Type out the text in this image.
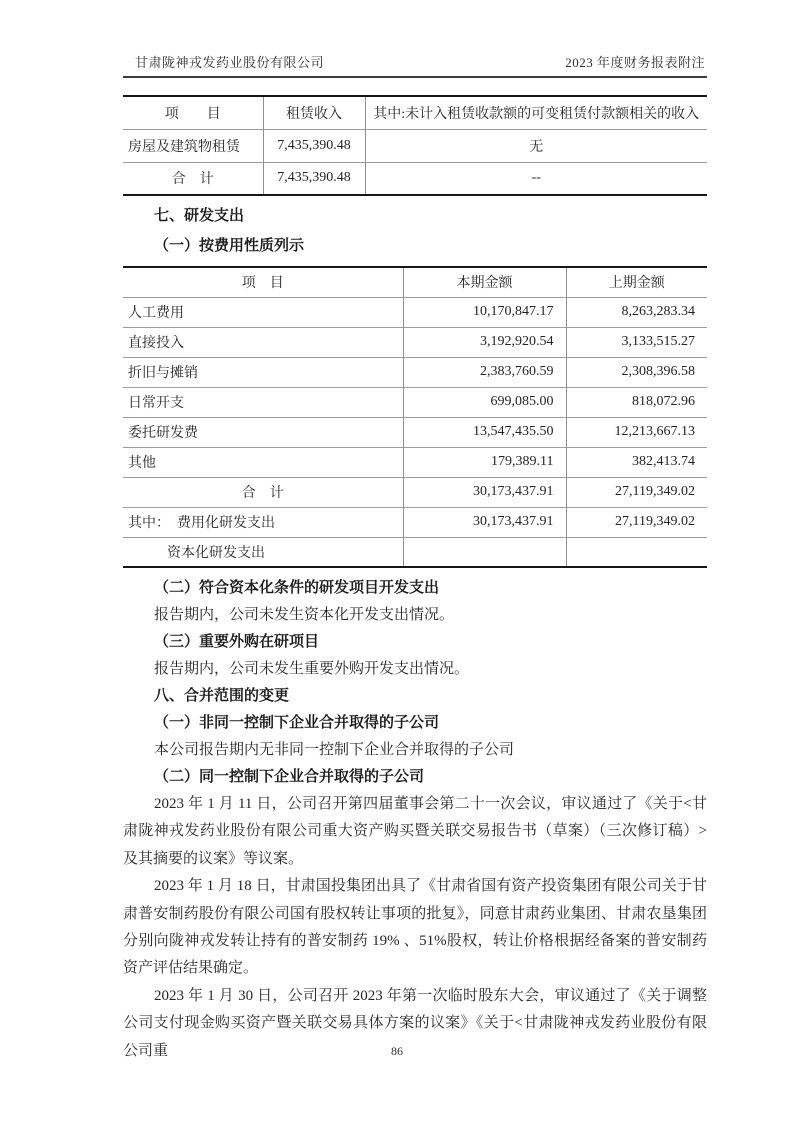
甘肃陇神戎发药业股份有限公司	2023 年度财务报表附注
项　　目	租赁收入	其中:未计入租赁收款额的可变租赁付款额相关的收入
房屋及建筑物租赁	7,435,390.48	无
合　计	7,435,390.48	--
七、研发支出
（一）按费用性质列示
项　目	本期金额	上期金额
人工费用	10,170,847.17	8,263,283.34
直接投入	3,192,920.54	3,133,515.27
折旧与摊销	2,383,760.59	2,308,396.58
日常开支	699,085.00	818,072.96
委托研发费	13,547,435.50	12,213,667.13
其他	179,389.11	382,413.74
合　计	30,173,437.91	27,119,349.02
其中：　费用化研发支出	30,173,437.91	27,119,349.02
资本化研发支出		
（二）符合资本化条件的研发项目开发支出
报告期内，公司未发生资本化开发支出情况。
（三）重要外购在研项目
报告期内，公司未发生重要外购开发支出情况。
八、合并范围的变更
（一）非同一控制下企业合并取得的子公司
本公司报告期内无非同一控制下企业合并取得的子公司
（二）同一控制下企业合并取得的子公司

2023 年 1 月 11 日，公司召开第四届董事会第二十一次会议，审议通过了《关于<甘肃陇神戎发药业股份有限公司重大资产购买暨关联交易报告书（草案）（三次修订稿）>及其摘要的议案》等议案。

2023 年 1 月 18 日，甘肃国投集团出具了《甘肃省国有资产投资集团有限公司关于甘肃普安制药股份有限公司国有股权转让事项的批复》，同意甘肃药业集团、甘肃农垦集团分别向陇神戎发转让持有的普安制药 19% 、51%股权，转让价格根据经备案的普安制药资产评估结果确定。

2023 年 1 月 30 日，公司召开 2023 年第一次临时股东大会，审议通过了《关于调整公司支付现金购买资产暨关联交易具体方案的议案》《关于<甘肃陇神戎发药业股份有限公司重	86
